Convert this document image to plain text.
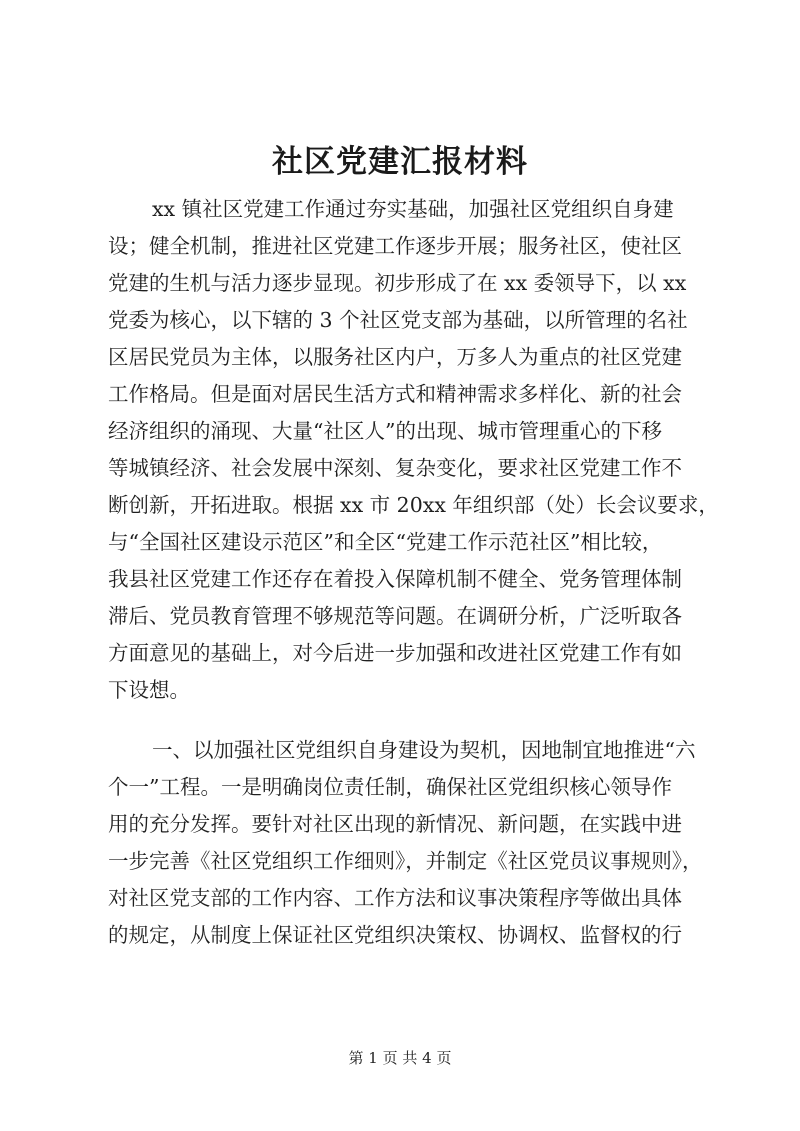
社区党建汇报材料
xx 镇社区党建工作通过夯实基础，加强社区党组织自身建
设；健全机制，推进社区党建工作逐步开展；服务社区，使社区
党建的生机与活力逐步显现。初步形成了在 xx 委领导下，以 xx
党委为核心，以下辖的 3 个社区党支部为基础，以所管理的名社
区居民党员为主体，以服务社区内户，万多人为重点的社区党建
工作格局。但是面对居民生活方式和精神需求多样化、新的社会
经济组织的涌现、大量“社区人”的出现、城市管理重心的下移
等城镇经济、社会发展中深刻、复杂变化，要求社区党建工作不
断创新，开拓进取。根据 xx 市 20xx 年组织部（处）长会议要求，
与“全国社区建设示范区”和全区“党建工作示范社区”相比较，
我县社区党建工作还存在着投入保障机制不健全、党务管理体制
滞后、党员教育管理不够规范等问题。在调研分析，广泛听取各
方面意见的基础上，对今后进一步加强和改进社区党建工作有如
下设想。
一、以加强社区党组织自身建设为契机，因地制宜地推进“六
个一”工程。一是明确岗位责任制，确保社区党组织核心领导作
用的充分发挥。要针对社区出现的新情况、新问题，在实践中进
一步完善《社区党组织工作细则》，并制定《社区党员议事规则》，
对社区党支部的工作内容、工作方法和议事决策程序等做出具体
的规定，从制度上保证社区党组织决策权、协调权、监督权的行
第 1 页 共 4 页
